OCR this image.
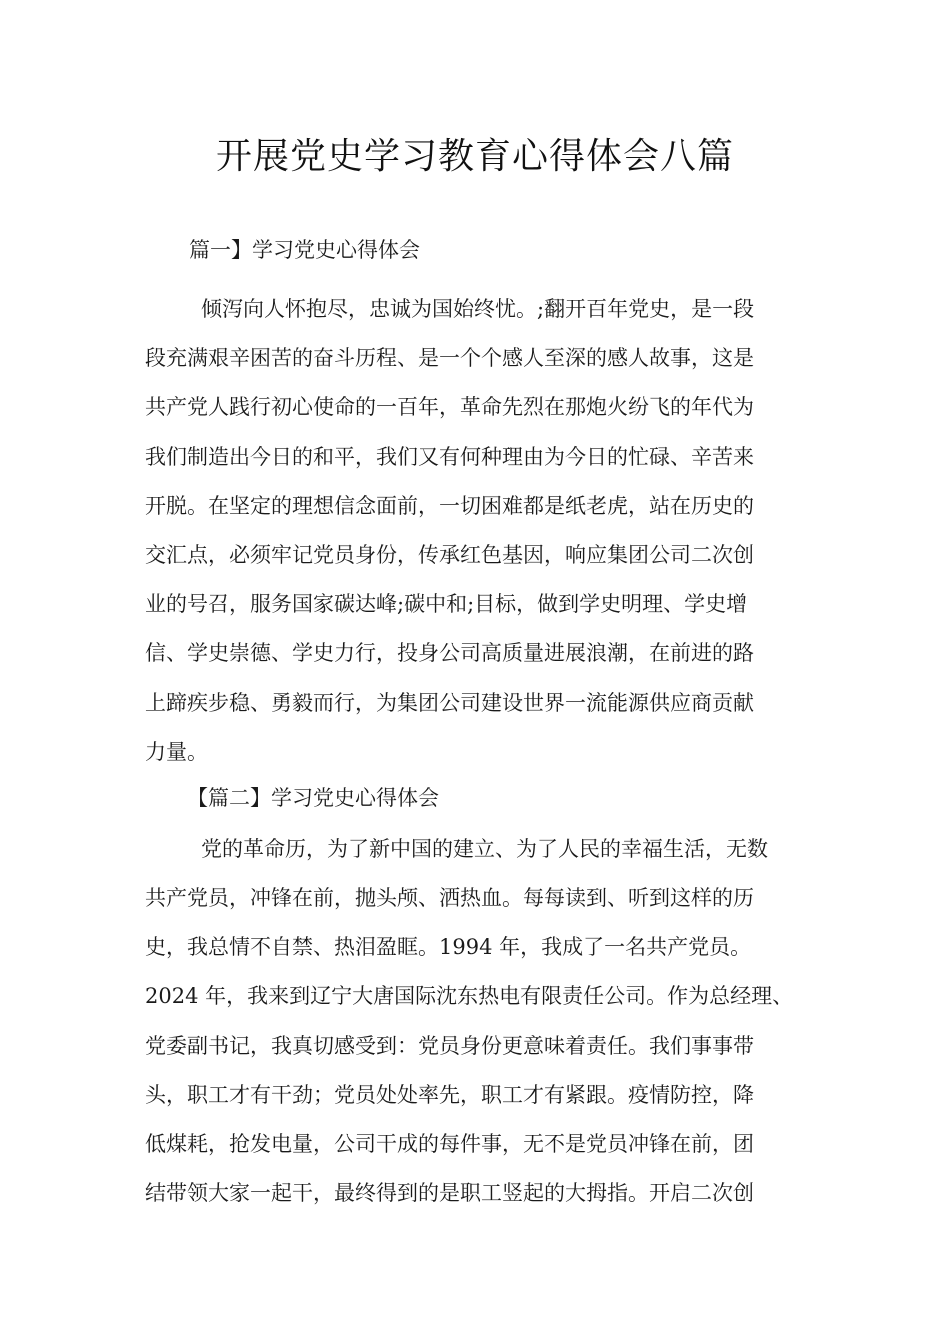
开展党史学习教育心得体会八篇
篇一】学习党史心得体会
倾泻向人怀抱尽，忠诚为国始终忧。;翻开百年党史，是一段
段充满艰辛困苦的奋斗历程、是一个个感人至深的感人故事，这是
共产党人践行初心使命的一百年，革命先烈在那炮火纷飞的年代为
我们制造出今日的和平，我们又有何种理由为今日的忙碌、辛苦来
开脱。在坚定的理想信念面前，一切困难都是纸老虎，站在历史的
交汇点，必须牢记党员身份，传承红色基因，响应集团公司二次创
业的号召，服务国家碳达峰;碳中和;目标，做到学史明理、学史增
信、学史崇德、学史力行，投身公司高质量进展浪潮，在前进的路
上蹄疾步稳、勇毅而行，为集团公司建设世界一流能源供应商贡献
力量。
【篇二】学习党史心得体会
党的革命历，为了新中国的建立、为了人民的幸福生活，无数
共产党员，冲锋在前，抛头颅、洒热血。每每读到、听到这样的历
史，我总情不自禁、热泪盈眶。1994 年，我成了一名共产党员。
2024 年，我来到辽宁大唐国际沈东热电有限责任公司。作为总经理、
党委副书记，我真切感受到：党员身份更意味着责任。我们事事带
头，职工才有干劲；党员处处率先，职工才有紧跟。疫情防控，降
低煤耗，抢发电量，公司干成的每件事，无不是党员冲锋在前，团
结带领大家一起干，最终得到的是职工竖起的大拇指。开启二次创
